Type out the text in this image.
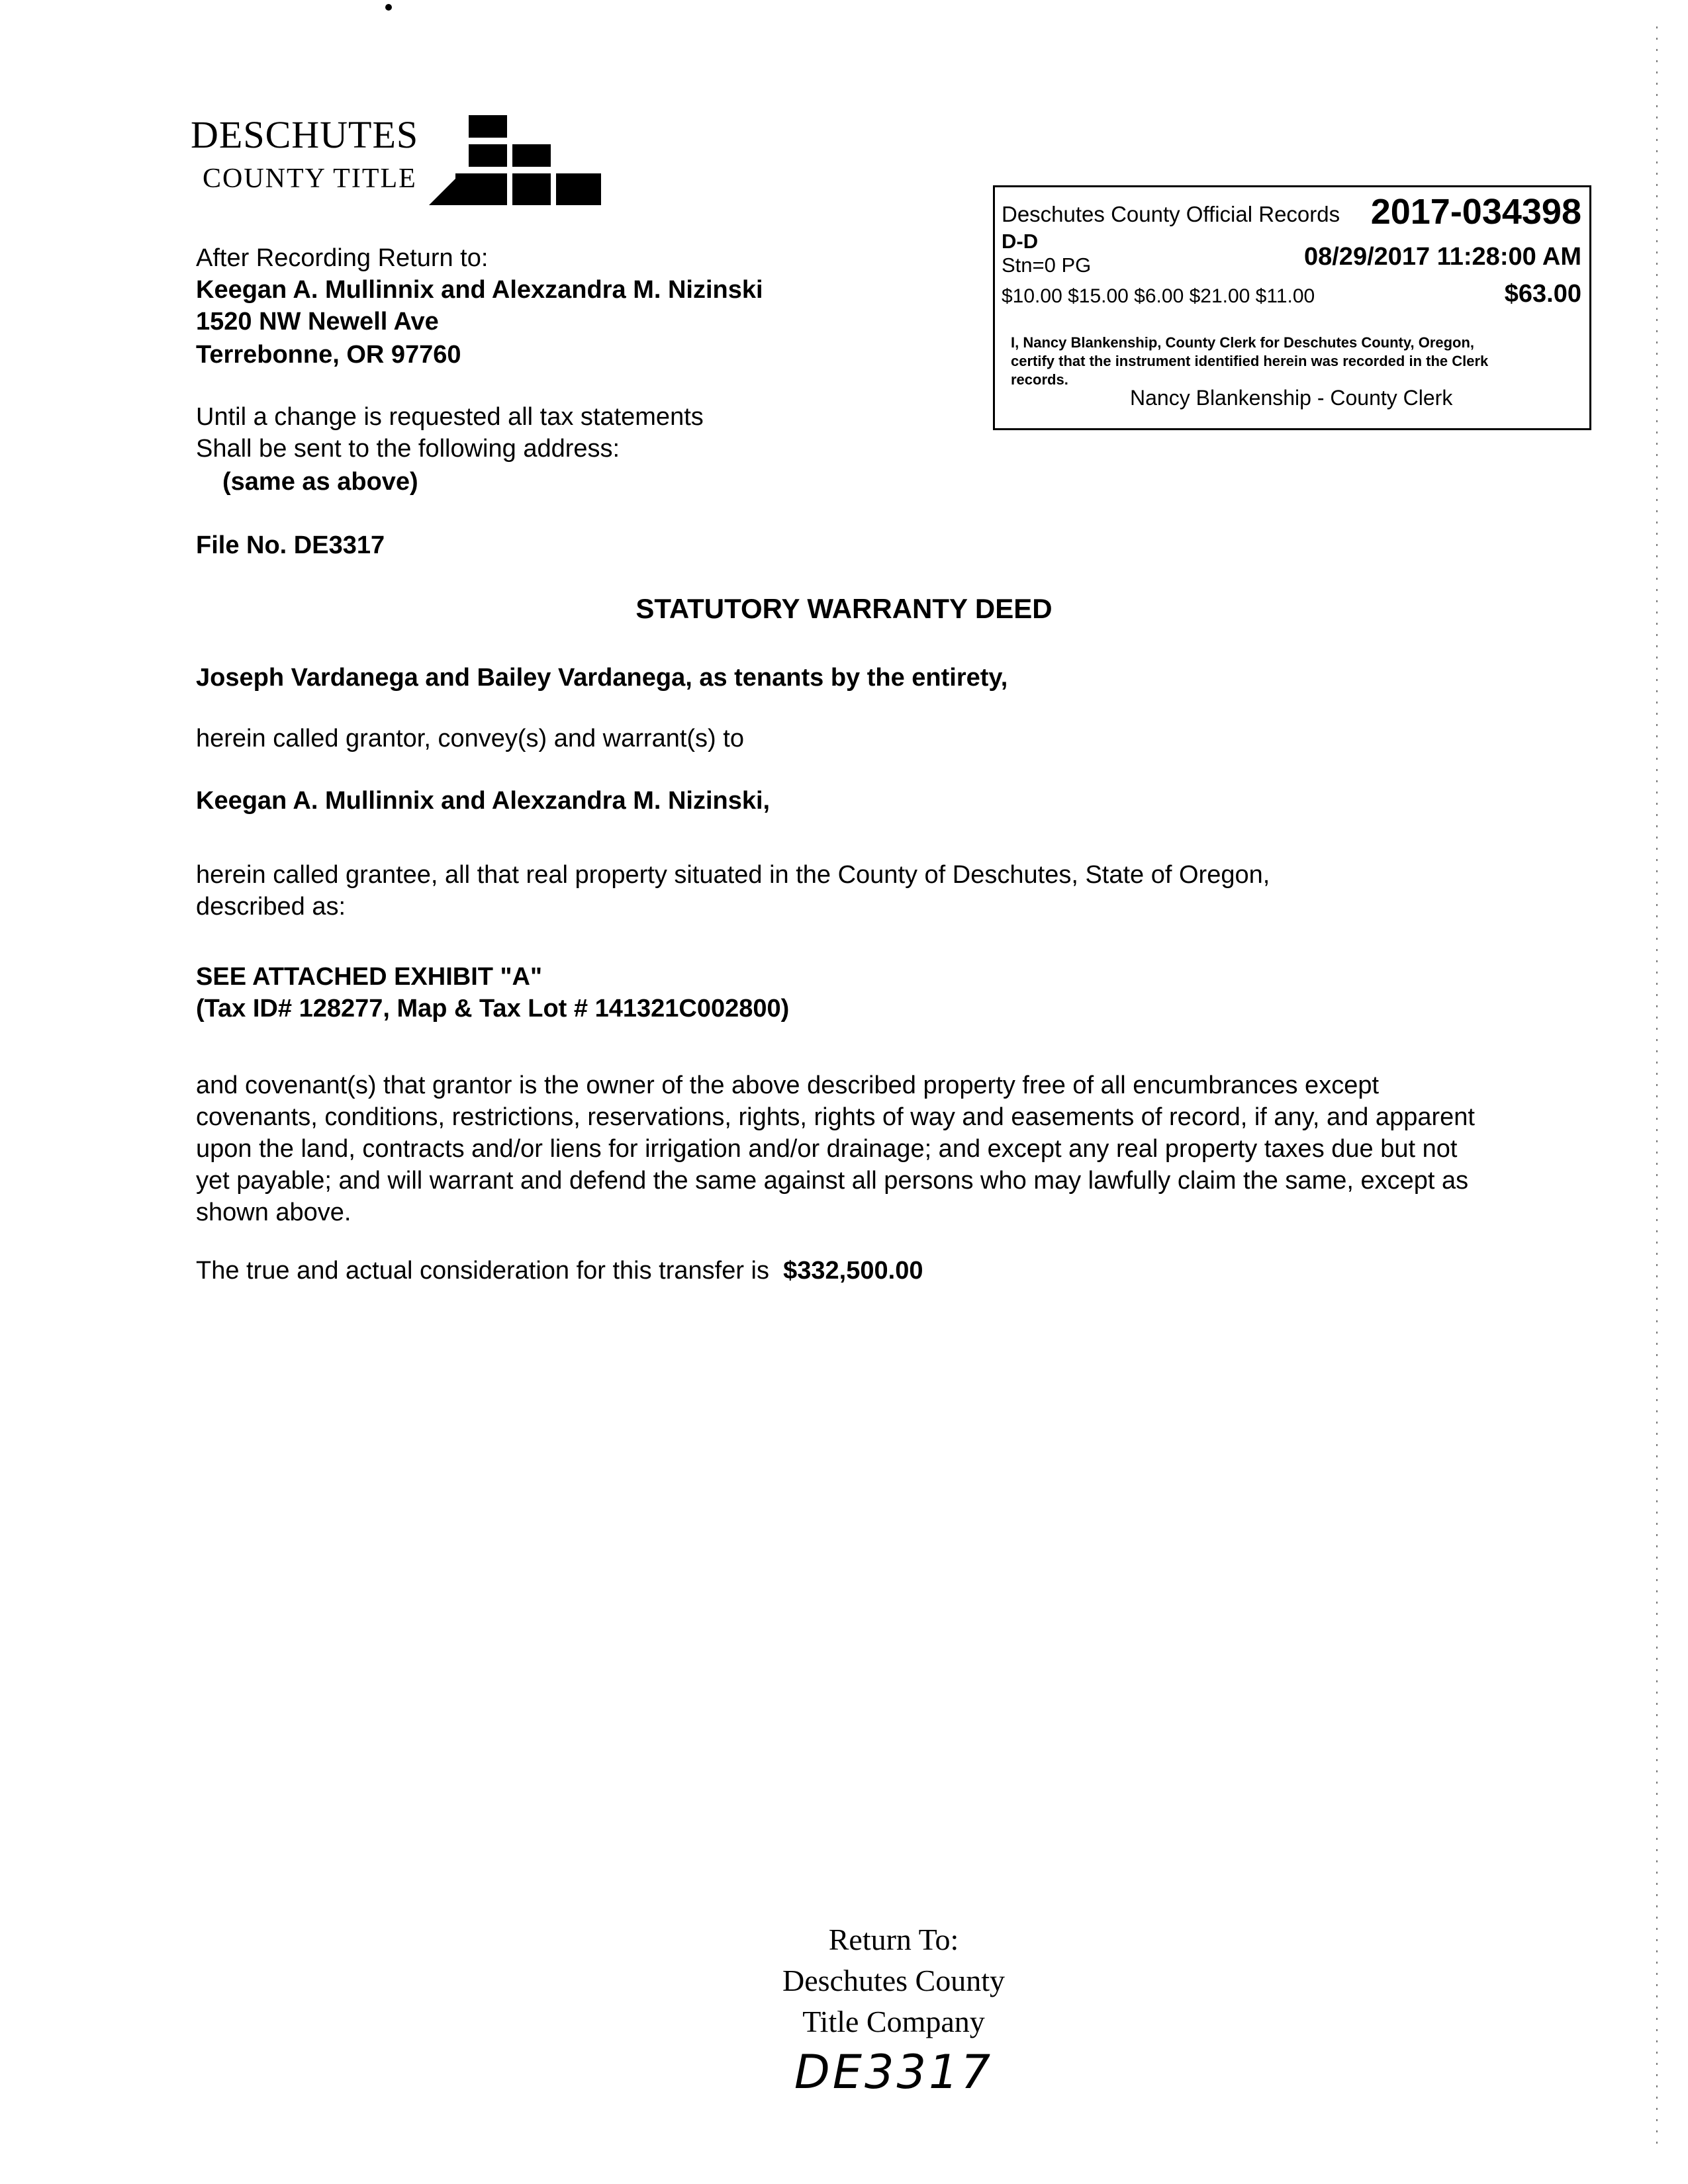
DESCHUTES
COUNTY TITLE
Deschutes County Official Records 2017-034398
D-D
Stn=0 PG	08/29/2017 11:28:00 AM
$10.00 $15.00 $6.00 $21.00 $11.00	$63.00
I, Nancy Blankenship, County Clerk for Deschutes County, Oregon,
certify that the instrument identified herein was recorded in the Clerk
records.
Nancy Blankenship - County Clerk
After Recording Return to:
Keegan A. Mullinnix and Alexzandra M. Nizinski
1520 NW Newell Ave
Terrebonne, OR 97760
Until a change is requested all tax statements
Shall be sent to the following address:
(same as above)
File No. DE3317
STATUTORY WARRANTY DEED
Joseph Vardanega and Bailey Vardanega, as tenants by the entirety,
herein called grantor, convey(s) and warrant(s) to
Keegan A. Mullinnix and Alexzandra M. Nizinski,
herein called grantee, all that real property situated in the County of Deschutes, State of Oregon,
described as:
SEE ATTACHED EXHIBIT "A"
(Tax ID# 128277, Map & Tax Lot # 141321C002800)
and covenant(s) that grantor is the owner of the above described property free of all encumbrances except covenants, conditions, restrictions, reservations, rights, rights of way and easements of record, if any, and apparent upon the land, contracts and/or liens for irrigation and/or drainage; and except any real property taxes due but not yet payable; and will warrant and defend the same against all persons who may lawfully claim the same, except as shown above.
The true and actual consideration for this transfer is $332,500.00
Return To:
Deschutes County
Title Company
DE3317
